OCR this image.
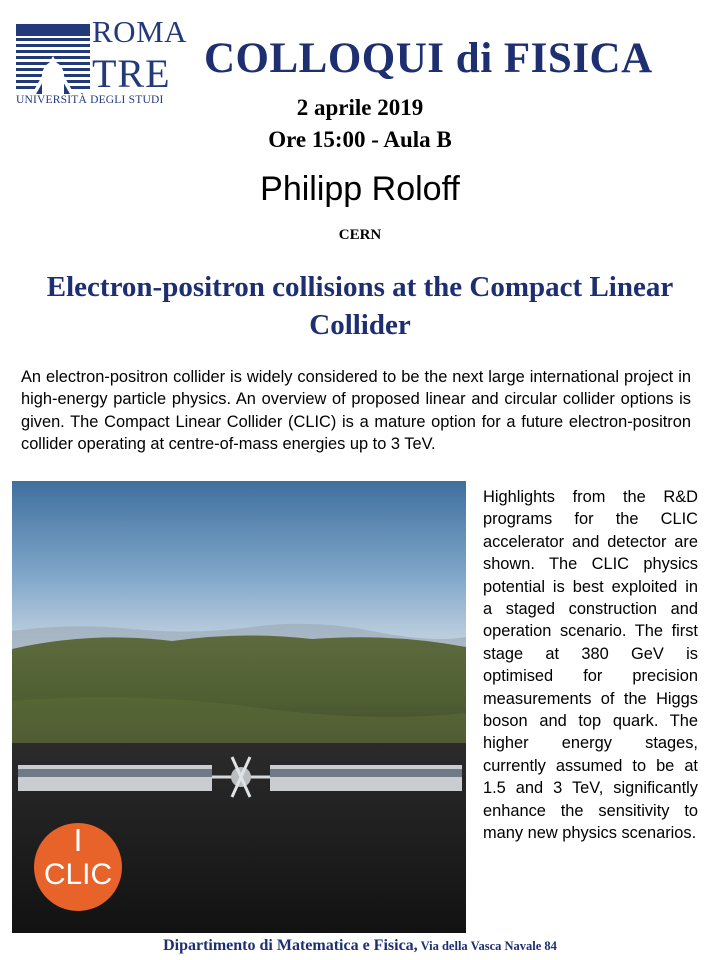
ROMA
TRE
UNIVERSITÀ DEGLI STUDI
COLLOQUI di FISICA
2 aprile 2019
Ore 15:00 - Aula B
Philipp Roloff
CERN
Electron-positron collisions at the Compact Linear Collider
An electron-positron collider is widely considered to be the next large international project in high-energy particle physics. An overview of proposed linear and circular collider options is given. The Compact Linear Collider (CLIC) is a mature option for a future electron-positron collider operating at centre-of-mass energies up to 3 TeV.
CLIC
Highlights from the R&D programs for the CLIC accelerator and detector are shown. The CLIC physics potential is best exploited in a staged construction and operation scenario. The first stage at 380 GeV is optimised for precision measurements of the Higgs boson and top quark. The higher energy stages, currently assumed to be at 1.5 and 3 TeV, significantly enhance the sensitivity to many new physics scenarios.
Dipartimento di Matematica e Fisica, Via della Vasca Navale 84
